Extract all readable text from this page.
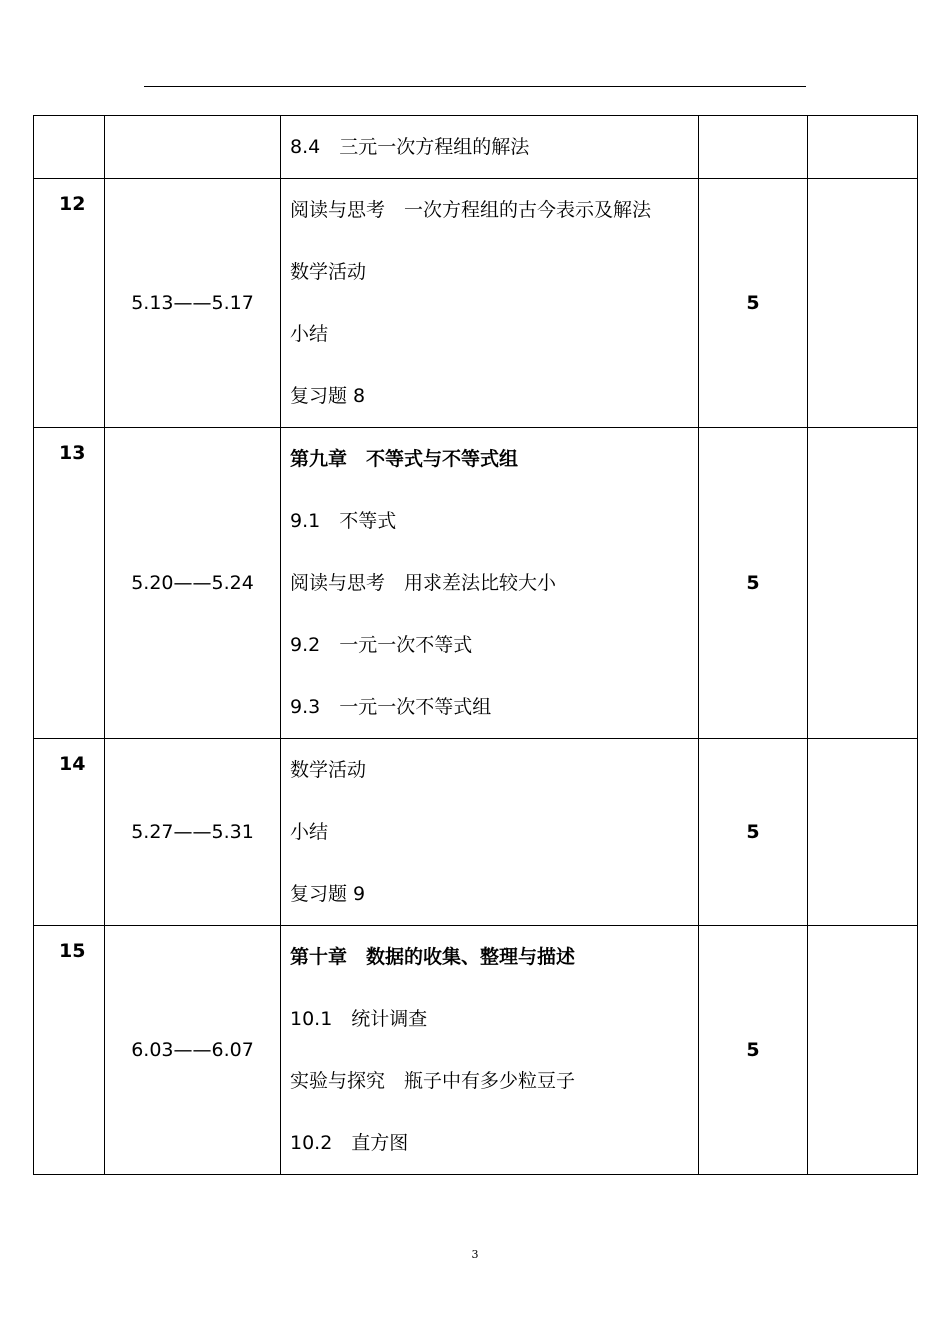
		8.4　三元一次方程组的解法		

12	5.13——5.17	阅读与思考　一次方程组的古今表示及解法
数学活动
小结
复习题 8	5	
13	5.20——5.24	第九章　不等式与不等式组
9.1　不等式
阅读与思考　用求差法比较大小
9.2　一元一次不等式
9.3　一元一次不等式组	5	
14	5.27——5.31	数学活动
小结
复习题 9	5	
15	6.03——6.07	第十章　数据的收集、整理与描述
10.1　统计调查
实验与探究　瓶子中有多少粒豆子
10.2　直方图	5	
3
